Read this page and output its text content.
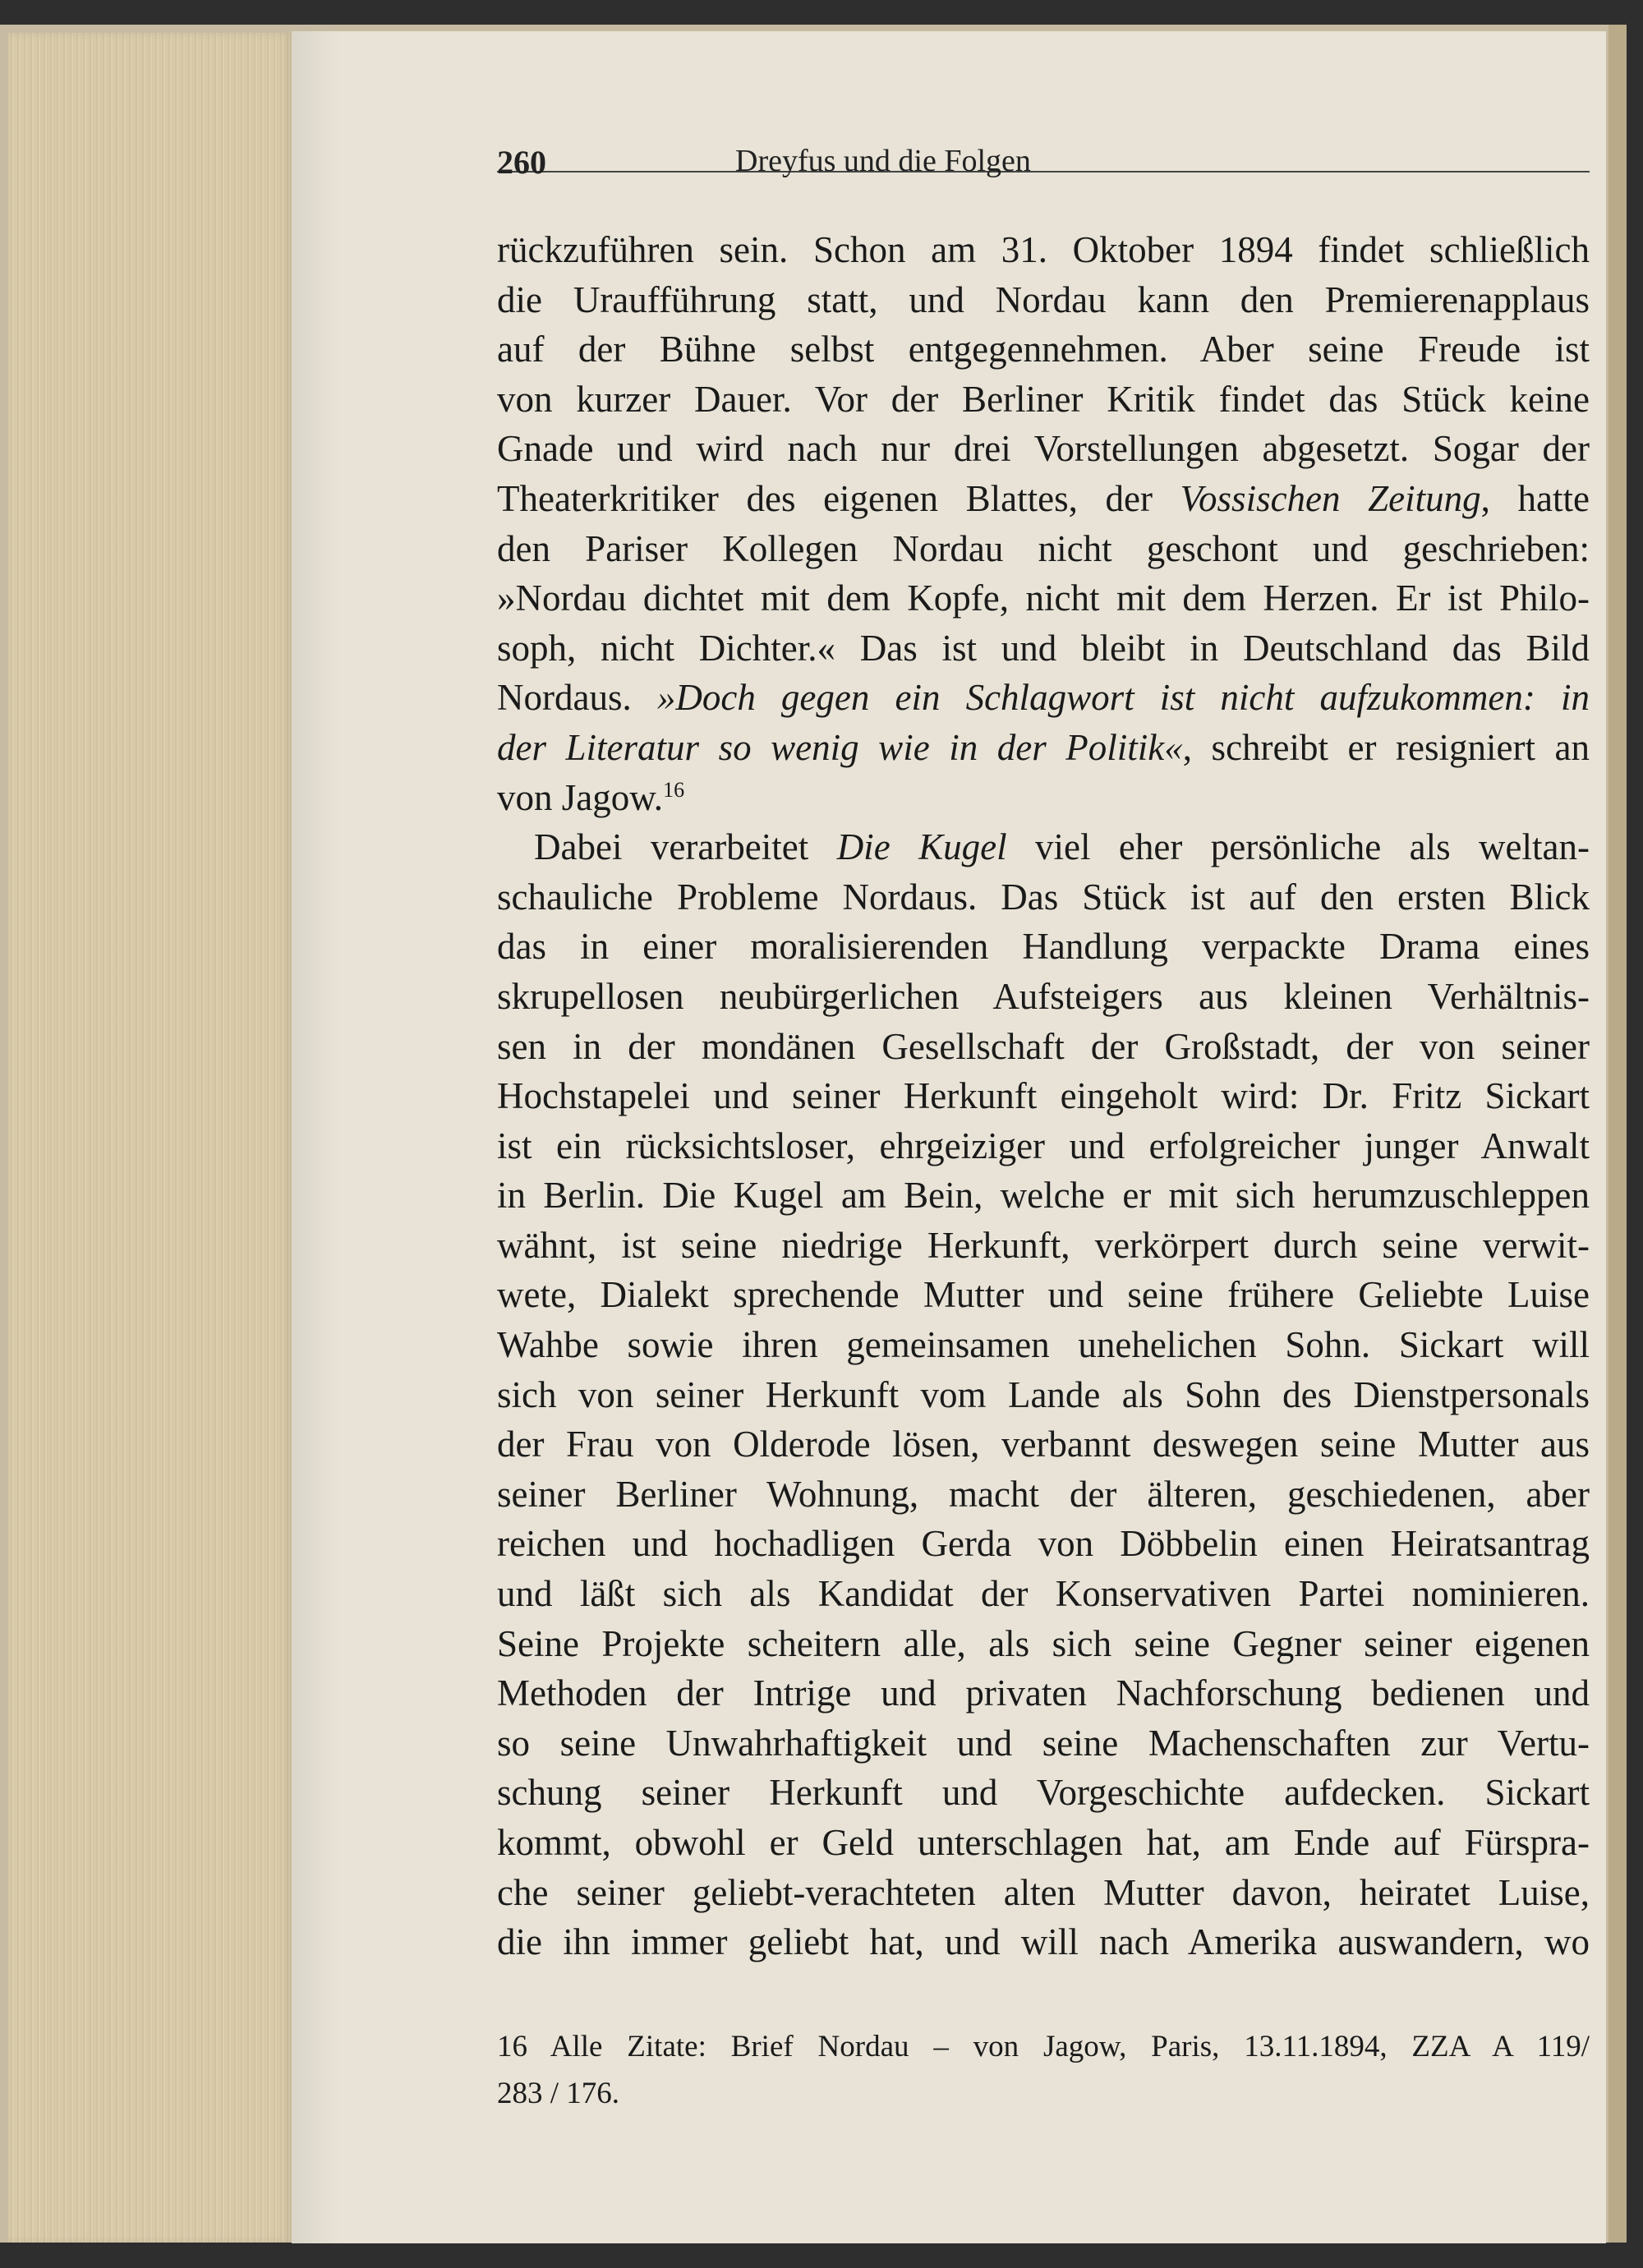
260	Dreyfus und die Folgen
rückzuführen sein. Schon am 31. Oktober 1894 findet schließlich
die Uraufführung statt, und Nordau kann den Premierenapplaus
auf der Bühne selbst entgegennehmen. Aber seine Freude ist
von kurzer Dauer. Vor der Berliner Kritik findet das Stück keine
Gnade und wird nach nur drei Vorstellungen abgesetzt. Sogar der
Theaterkritiker des eigenen Blattes, der Vossischen Zeitung, hatte
den Pariser Kollegen Nordau nicht geschont und geschrieben:
»Nordau dichtet mit dem Kopfe, nicht mit dem Herzen. Er ist Philo-
soph, nicht Dichter.« Das ist und bleibt in Deutschland das Bild
Nordaus. »Doch gegen ein Schlagwort ist nicht aufzukommen: in
der Literatur so wenig wie in der Politik«, schreibt er resigniert an
von Jagow.$^{16}$
Dabei verarbeitet Die Kugel viel eher persönliche als weltan-
schauliche Probleme Nordaus. Das Stück ist auf den ersten Blick
das in einer moralisierenden Handlung verpackte Drama eines
skrupellosen neubürgerlichen Aufsteigers aus kleinen Verhältnis-
sen in der mondänen Gesellschaft der Großstadt, der von seiner
Hochstapelei und seiner Herkunft eingeholt wird: Dr. Fritz Sickart
ist ein rücksichtsloser, ehrgeiziger und erfolgreicher junger Anwalt
in Berlin. Die Kugel am Bein, welche er mit sich herumzuschleppen
wähnt, ist seine niedrige Herkunft, verkörpert durch seine verwit-
wete, Dialekt sprechende Mutter und seine frühere Geliebte Luise
Wahbe sowie ihren gemeinsamen unehelichen Sohn. Sickart will
sich von seiner Herkunft vom Lande als Sohn des Dienstpersonals
der Frau von Olderode lösen, verbannt deswegen seine Mutter aus
seiner Berliner Wohnung, macht der älteren, geschiedenen, aber
reichen und hochadligen Gerda von Döbbelin einen Heiratsantrag
und läßt sich als Kandidat der Konservativen Partei nominieren.
Seine Projekte scheitern alle, als sich seine Gegner seiner eigenen
Methoden der Intrige und privaten Nachforschung bedienen und
so seine Unwahrhaftigkeit und seine Machenschaften zur Vertu-
schung seiner Herkunft und Vorgeschichte aufdecken. Sickart
kommt, obwohl er Geld unterschlagen hat, am Ende auf Fürspra-
che seiner geliebt-verachteten alten Mutter davon, heiratet Luise,
die ihn immer geliebt hat, und will nach Amerika auswandern, wo
16 Alle Zitate: Brief Nordau – von Jagow, Paris, 13.11.1894, ZZA A 119/
283 / 176.
